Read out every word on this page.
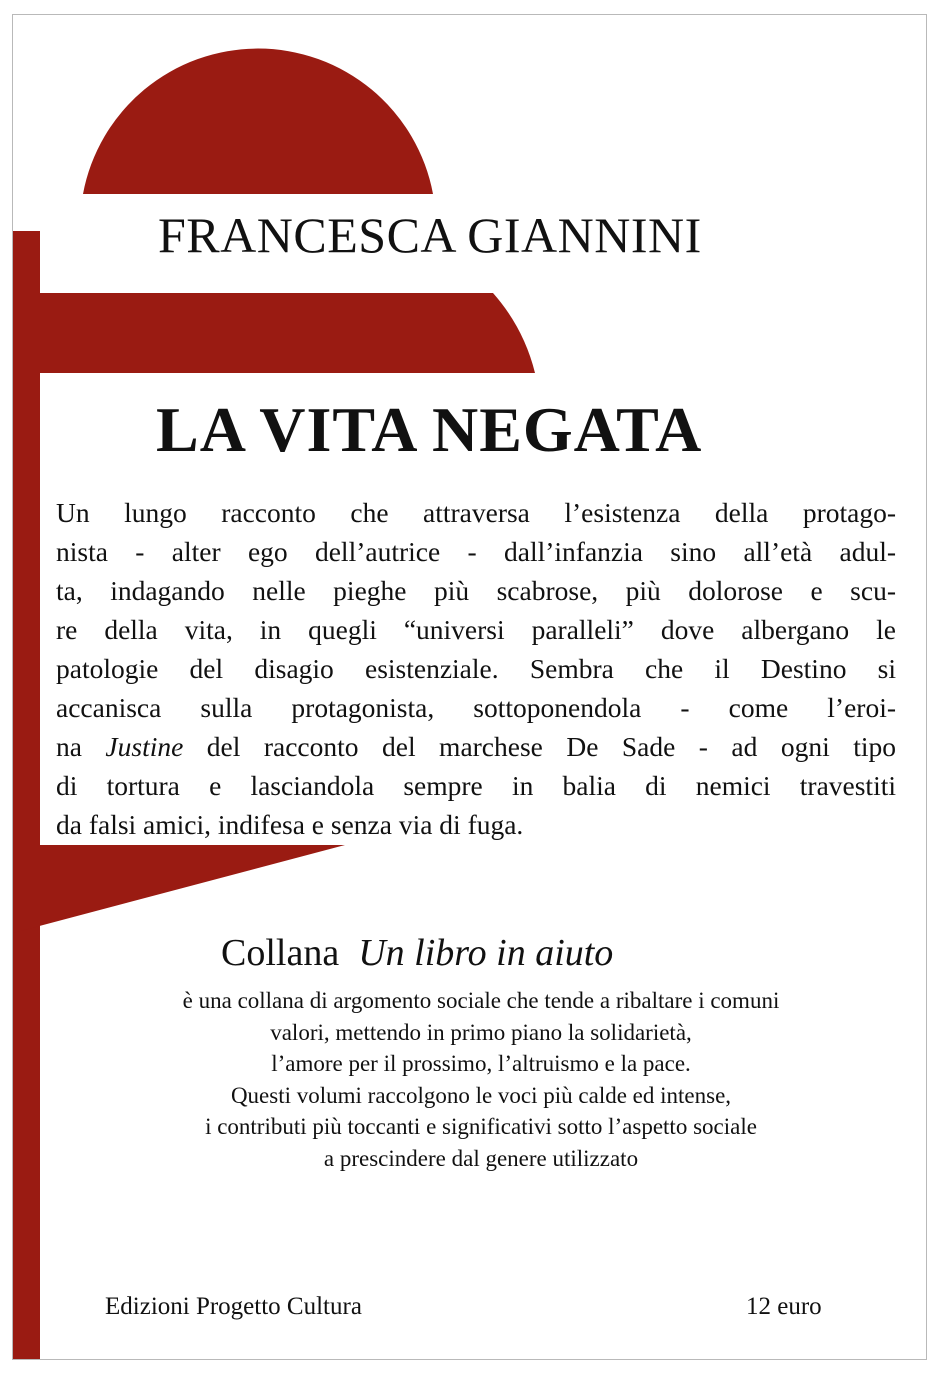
FRANCESCA GIANNINI
LA VITA NEGATA
Un lungo racconto che attraversa l’esistenza della protago-
nista - alter ego dell’autrice - dall’infanzia sino all’età adul-
ta, indagando nelle pieghe più scabrose, più dolorose e scu-
re della vita, in quegli “universi paralleli” dove albergano le
patologie del disagio esistenziale. Sembra che il Destino si
accanisca sulla protagonista, sottoponendola - come l’eroi-
na Justine del racconto del marchese De Sade - ad ogni tipo
di tortura e lasciandola sempre in balia di nemici travestiti
da falsi amici, indifesa e senza via di fuga.
Collana Un libro in aiuto

è una collana di argomento sociale che tende a ribaltare i comuni
valori, mettendo in primo piano la solidarietà,
l’amore per il prossimo, l’altruismo e la pace.
Questi volumi raccolgono le voci più calde ed intense,
i contributi più toccanti e significativi sotto l’aspetto sociale
a prescindere dal genere utilizzato

Edizioni Progetto Cultura	12 euro
